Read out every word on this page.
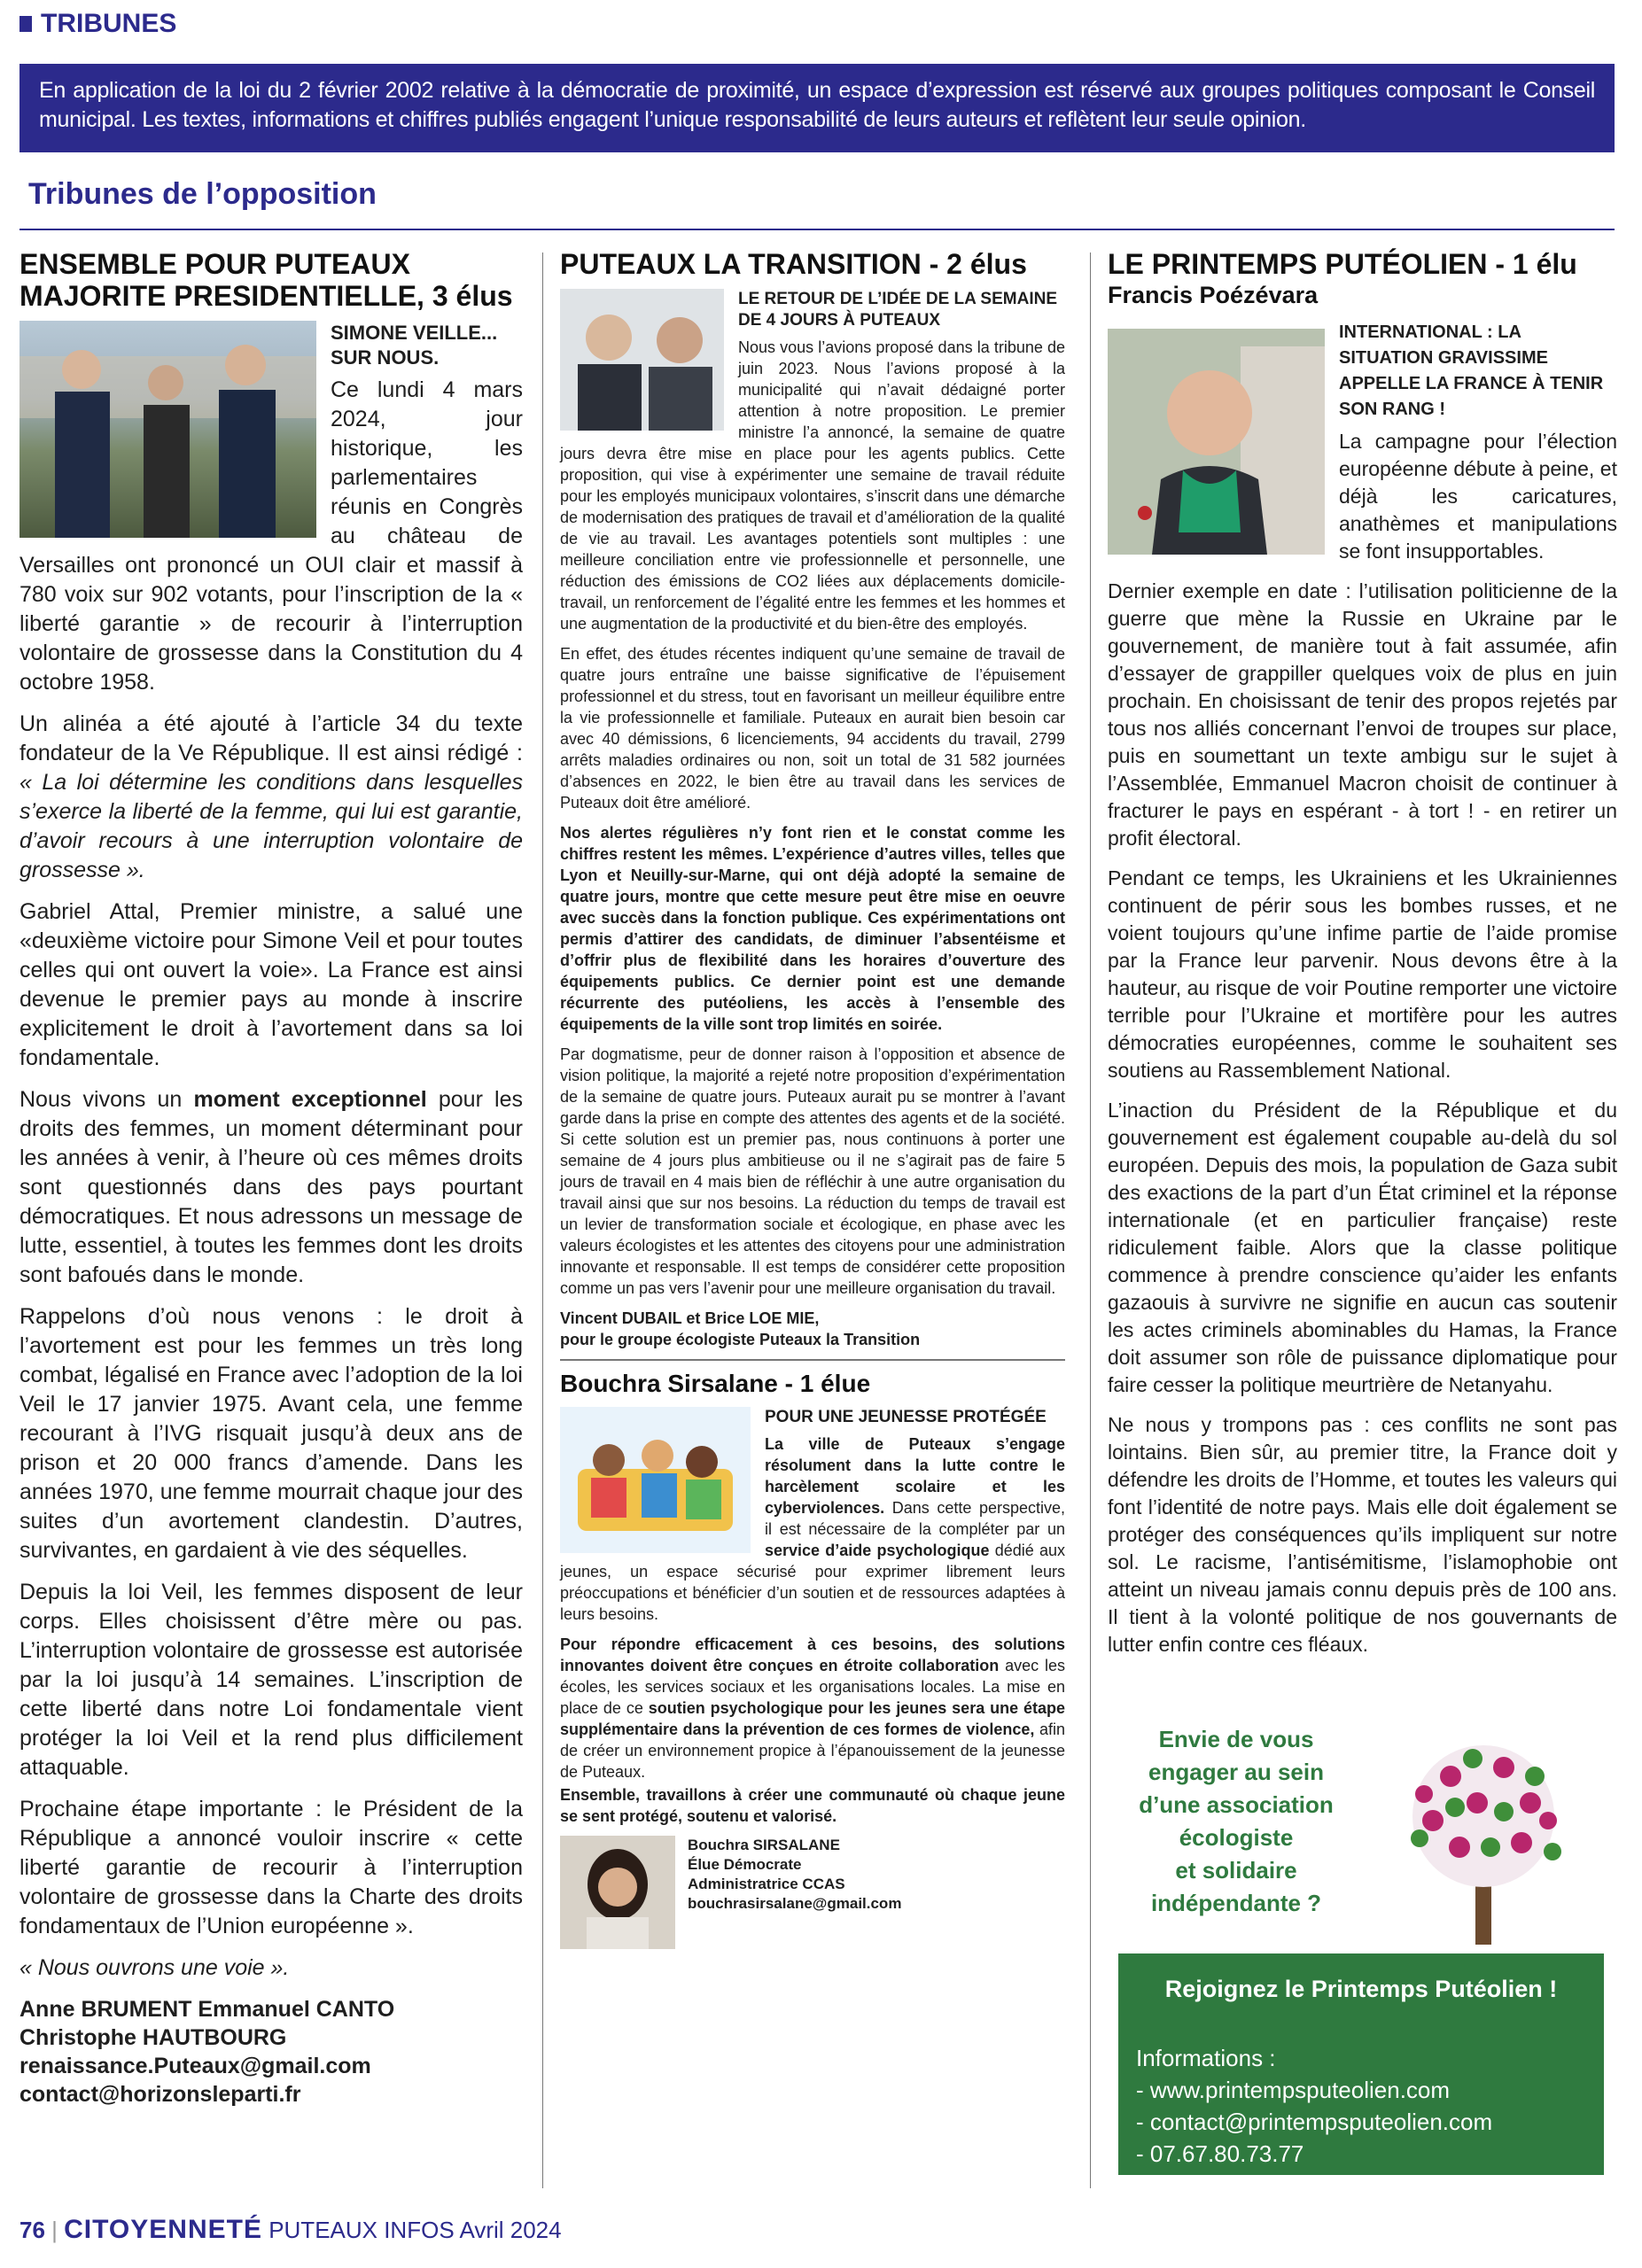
TRIBUNES
En application de la loi du 2 février 2002 relative à la démocratie de proximité, un espace d’expression est réservé aux groupes politiques composant le Conseil municipal. Les textes, informations et chiffres publiés engagent l’unique responsabilité de leurs auteurs et reflètent leur seule opinion.
Tribunes de l’opposition
ENSEMBLE POUR PUTEAUX MAJORITE PRESIDENTIELLE, 3 élus
SIMONE VEILLE... SUR NOUS.

Ce lundi 4 mars 2024, jour historique, les parlementaires réunis en Congrès au château de Versailles ont prononcé un OUI clair et massif à 780 voix sur 902 votants, pour l’inscription de la « liberté garantie » de recourir à l’interruption volontaire de grossesse dans la Constitution du 4 octobre 1958.

Un alinéa a été ajouté à l’article 34 du texte fondateur de la Ve République. Il est ainsi rédigé : « La loi détermine les conditions dans lesquelles s’exerce la liberté de la femme, qui lui est garantie, d’avoir recours à une interruption volontaire de grossesse ».

Gabriel Attal, Premier ministre, a salué une «deuxième victoire pour Simone Veil et pour toutes celles qui ont ouvert la voie». La France est ainsi devenue le premier pays au monde à inscrire explicitement le droit à l’avortement dans sa loi fondamentale.

Nous vivons un moment exceptionnel pour les droits des femmes, un moment déterminant pour les années à venir, à l’heure où ces mêmes droits sont questionnés dans des pays pourtant démocratiques. Et nous adressons un message de lutte, essentiel, à toutes les femmes dont les droits sont bafoués dans le monde.

Rappelons d’où nous venons : le droit à l’avortement est pour les femmes un très long combat, légalisé en France avec l’adoption de la loi Veil le 17 janvier 1975. Avant cela, une femme recourant à l’IVG risquait jusqu’à deux ans de prison et 20 000 francs d’amende. Dans les années 1970, une femme mourrait chaque jour des suites d’un avortement clandestin. D’autres, survivantes, en gardaient à vie des séquelles.

Depuis la loi Veil, les femmes disposent de leur corps. Elles choisissent d’être mère ou pas. L’interruption volontaire de grossesse est autorisée par la loi jusqu’à 14 semaines. L’inscription de cette liberté dans notre Loi fondamentale vient protéger la loi Veil et la rend plus difficilement attaquable.

Prochaine étape importante : le Président de la République a annoncé vouloir inscrire « cette liberté garantie de recourir à l’interruption volontaire de grossesse dans la Charte des droits fondamentaux de l’Union européenne ».

« Nous ouvrons une voie ».

Anne BRUMENT Emmanuel CANTO
Christophe HAUTBOURG
renaissance.Puteaux@gmail.com
contact@horizonsleparti.fr
PUTEAUX LA TRANSITION - 2 élus
LE RETOUR DE L’IDÉE DE LA SEMAINE DE 4 JOURS À PUTEAUX

Nous vous l’avions proposé dans la tribune de juin 2023. Nous l’avions proposé à la municipalité qui n’avait dédaigné porter attention à notre proposition. Le premier ministre l’a annoncé, la semaine de quatre jours devra être mise en place pour les agents publics. Cette proposition, qui vise à expérimenter une semaine de travail réduite pour les employés municipaux volontaires, s’inscrit dans une démarche de modernisation des pratiques de travail et d’amélioration de la qualité de vie au travail. Les avantages potentiels sont multiples : une meilleure conciliation entre vie professionnelle et personnelle, une réduction des émissions de CO2 liées aux déplacements domicile-travail, un renforcement de l’égalité entre les femmes et les hommes et une augmentation de la productivité et du bien-être des employés.

En effet, des études récentes indiquent qu’une semaine de travail de quatre jours entraîne une baisse significative de l’épuisement professionnel et du stress, tout en favorisant un meilleur équilibre entre la vie professionnelle et familiale. Puteaux en aurait bien besoin car avec 40 démissions, 6 licenciements, 94 accidents du travail, 2799 arrêts maladies ordinaires ou non, soit un total de 31 582 journées d’absences en 2022, le bien être au travail dans les services de Puteaux doit être amélioré.

Nos alertes régulières n’y font rien et le constat comme les chiffres restent les mêmes. L’expérience d’autres villes, telles que Lyon et Neuilly-sur-Marne, qui ont déjà adopté la semaine de quatre jours, montre que cette mesure peut être mise en oeuvre avec succès dans la fonction publique. Ces expérimentations ont permis d’attirer des candidats, de diminuer l’absentéisme et d’offrir plus de flexibilité dans les horaires d’ouverture des équipements publics. Ce dernier point est une demande récurrente des putéoliens, les accès à l’ensemble des équipements de la ville sont trop limités en soirée.

Par dogmatisme, peur de donner raison à l’opposition et absence de vision politique, la majorité a rejeté notre proposition d’expérimentation de la semaine de quatre jours. Puteaux aurait pu se montrer à l’avant garde dans la prise en compte des attentes des agents et de la société. Si cette solution est un premier pas, nous continuons à porter une semaine de 4 jours plus ambitieuse ou il ne s’agirait pas de faire 5 jours de travail en 4 mais bien de réfléchir à une autre organisation du travail ainsi que sur nos besoins. La réduction du temps de travail est un levier de transformation sociale et écologique, en phase avec les valeurs écologistes et les attentes des citoyens pour une administration innovante et responsable. Il est temps de considérer cette proposition comme un pas vers l’avenir pour une meilleure organisation du travail.

Vincent DUBAIL et Brice LOE MIE,
pour le groupe écologiste Puteaux la Transition
Bouchra Sirsalane - 1 élue
POUR UNE JEUNESSE PROTÉGÉE

La ville de Puteaux s’engage résolument dans la lutte contre le harcèlement scolaire et les cyberviolences. Dans cette perspective, il est nécessaire de la compléter par un service d’aide psychologique dédié aux jeunes, un espace sécurisé pour exprimer librement leurs préoccupations et bénéficier d’un soutien et de ressources adaptées à leurs besoins.

Pour répondre efficacement à ces besoins, des solutions innovantes doivent être conçues en étroite collaboration avec les écoles, les services sociaux et les organisations locales. La mise en place de ce soutien psychologique pour les jeunes sera une étape supplémentaire dans la prévention de ces formes de violence, afin de créer un environnement propice à l’épanouissement de la jeunesse de Puteaux.

Ensemble, travaillons à créer une communauté où chaque jeune se sent protégé, soutenu et valorisé.

Bouchra SIRSALANE
Élue Démocrate
Administratrice CCAS
bouchrasirsalane@gmail.com
LE PRINTEMPS PUTÉOLIEN - 1 élu
Francis Poézévara
INTERNATIONAL : LA SITUATION GRAVISSIME APPELLE LA FRANCE À TENIR SON RANG !

La campagne pour l’élection européenne débute à peine, et déjà les caricatures, anathèmes et manipulations se font insupportables.

Dernier exemple en date : l’utilisation politicienne de la guerre que mène la Russie en Ukraine par le gouvernement, de manière tout à fait assumée, afin d’essayer de grappiller quelques voix de plus en juin prochain. En choisissant de tenir des propos rejetés par tous nos alliés concernant l’envoi de troupes sur place, puis en soumettant un texte ambigu sur le sujet à l’Assemblée, Emmanuel Macron choisit de continuer à fracturer le pays en espérant - à tort ! - en retirer un profit électoral.

Pendant ce temps, les Ukrainiens et les Ukrainiennes continuent de périr sous les bombes russes, et ne voient toujours qu’une infime partie de l’aide promise par la France leur parvenir. Nous devons être à la hauteur, au risque de voir Poutine remporter une victoire terrible pour l’Ukraine et mortifère pour les autres démocraties européennes, comme le souhaitent ses soutiens au Rassemblement National.

L’inaction du Président de la République et du gouvernement est également coupable au-delà du sol européen. Depuis des mois, la population de Gaza subit des exactions de la part d’un État criminel et la réponse internationale (et en particulier française) reste ridiculement faible. Alors que la classe politique commence à prendre conscience qu’aider les enfants gazaouis à survivre ne signifie en aucun cas soutenir les actes criminels abominables du Hamas, la France doit assumer son rôle de puissance diplomatique pour faire cesser la politique meurtrière de Netanyahu.

Ne nous y trompons pas : ces conflits ne sont pas lointains. Bien sûr, au premier titre, la France doit y défendre les droits de l’Homme, et toutes les valeurs qui font l’identité de notre pays. Mais elle doit également se protéger des conséquences qu’ils impliquent sur notre sol. Le racisme, l’antisémitisme, l’islamophobie ont atteint un niveau jamais connu depuis près de 100 ans. Il tient à la volonté politique de nos gouvernants de lutter enfin contre ces fléaux.

Envie de vous
engager au sein
d’une association
écologiste
et solidaire
indépendante ?
Rejoignez le Printemps Putéolien !
Informations :
- www.printempsputeolien.com
- contact@printempsputeolien.com
- 07.67.80.73.77
76 | CITOYENNETÉ PUTEAUX INFOS Avril 2024
